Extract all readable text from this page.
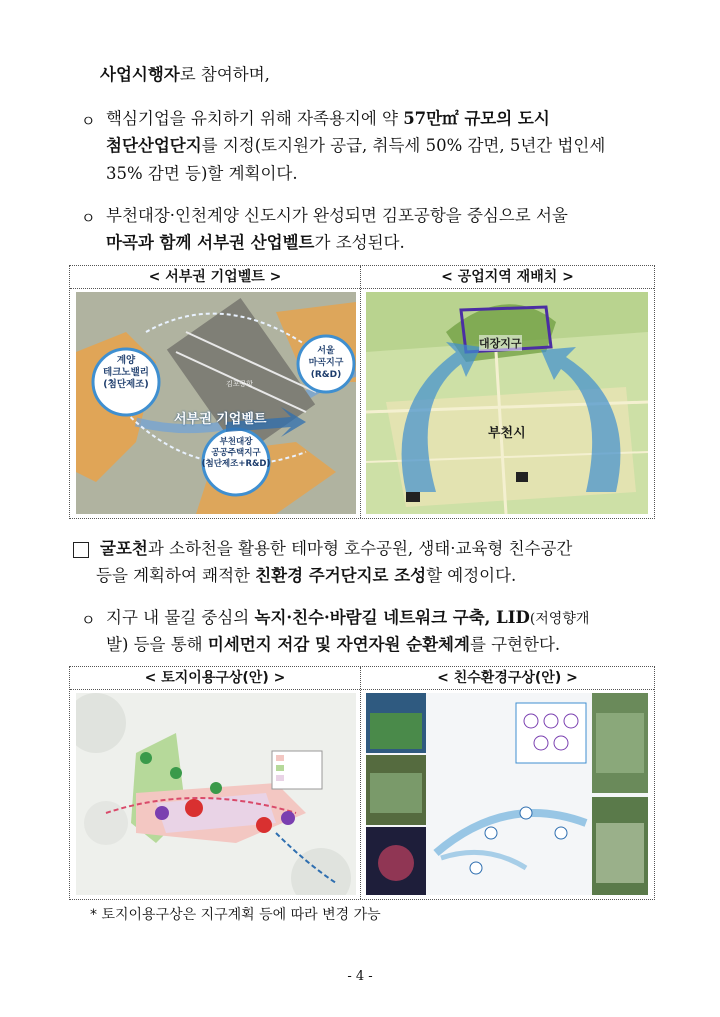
사업시행자로 참여하며,
ㅇ 핵심기업을 유치하기 위해 자족용지에 약 57만㎡ 규모의 도시
첨단산업단지를 지정(토지원가 공급, 취득세 50% 감면, 5년간 법인세
35% 감면 등)할 계획이다.
ㅇ 부천대장·인천계양 신도시가 완성되면 김포공항을 중심으로 서울
마곡과 함께 서부권 산업벨트가 조성된다.
< 서부권 기업벨트 >	< 공업지역 재배치 >
계양
테크노밸리
(첨단제조)
서울
마곡지구
(R&D)
부천대장
공공주택지구
(첨단제조+R&D)
서부권 기업벨트
김포공항
대장지구
부천시
굴포천과 소하천을 활용한 테마형 호수공원, 생태·교육형 친수공간
등을 계획하여 쾌적한 친환경 주거단지로 조성할 예정이다.
ㅇ 지구 내 물길 중심의 녹지·친수·바람길 네트워크 구축, LID(저영향개
발) 등을 통해 미세먼지 저감 및 자연자원 순환체계를 구현한다.
< 토지이용구상(안) >	< 친수환경구상(안) >
* 토지이용구상은 지구계획 등에 따라 변경 가능
- 4 -
